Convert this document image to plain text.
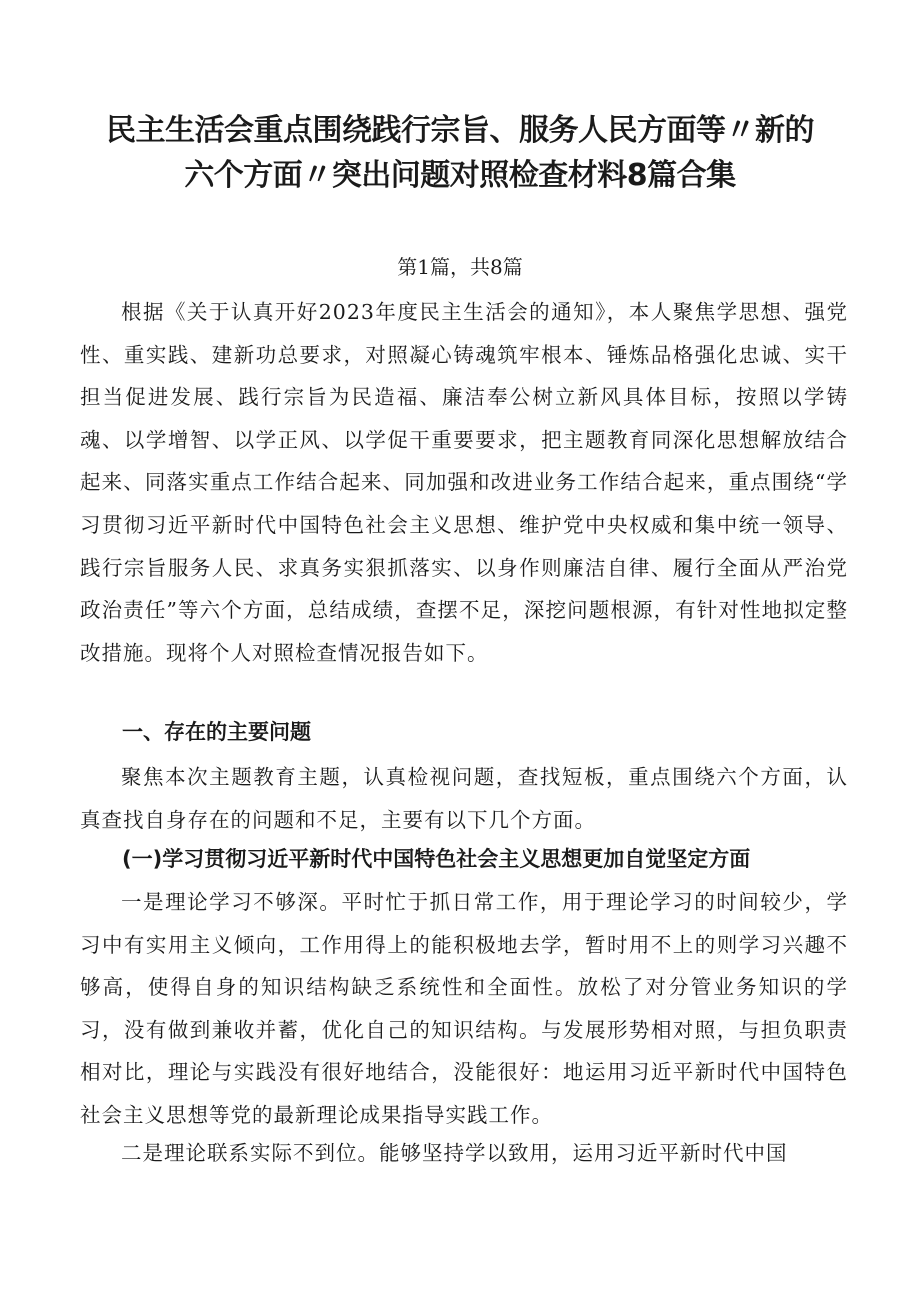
民主生活会重点围绕践行宗旨、服务人民方面等〃新的
六个方面〃突出问题对照检查材料8篇合集
第1篇，共8篇

根据《关于认真开好2023年度民主生活会的通知》，本人聚焦学思想、强党性、重实践、建新功总要求，对照凝心铸魂筑牢根本、锤炼品格强化忠诚、实干担当促进发展、践行宗旨为民造福、廉洁奉公树立新风具体目标，按照以学铸魂、以学增智、以学正风、以学促干重要要求，把主题教育同深化思想解放结合起来、同落实重点工作结合起来、同加强和改进业务工作结合起来，重点围绕“学习贯彻习近平新时代中国特色社会主义思想、维护党中央权威和集中统一领导、践行宗旨服务人民、求真务实狠抓落实、以身作则廉洁自律、履行全面从严治党政治责任”等六个方面，总结成绩，查摆不足，深挖问题根源，有针对性地拟定整改措施。现将个人对照检查情况报告如下。

一、存在的主要问题

聚焦本次主题教育主题，认真检视问题，查找短板，重点围绕六个方面，认真查找自身存在的问题和不足，主要有以下几个方面。

(一)学习贯彻习近平新时代中国特色社会主义思想更加自觉坚定方面

一是理论学习不够深。平时忙于抓日常工作，用于理论学习的时间较少，学习中有实用主义倾向，工作用得上的能积极地去学，暂时用不上的则学习兴趣不够高，使得自身的知识结构缺乏系统性和全面性。放松了对分管业务知识的学习，没有做到兼收并蓄，优化自己的知识结构。与发展形势相对照，与担负职责相对比，理论与实践没有很好地结合，没能很好：地运用习近平新时代中国特色社会主义思想等党的最新理论成果指导实践工作。

二是理论联系实际不到位。能够坚持学以致用，运用习近平新时代中国
